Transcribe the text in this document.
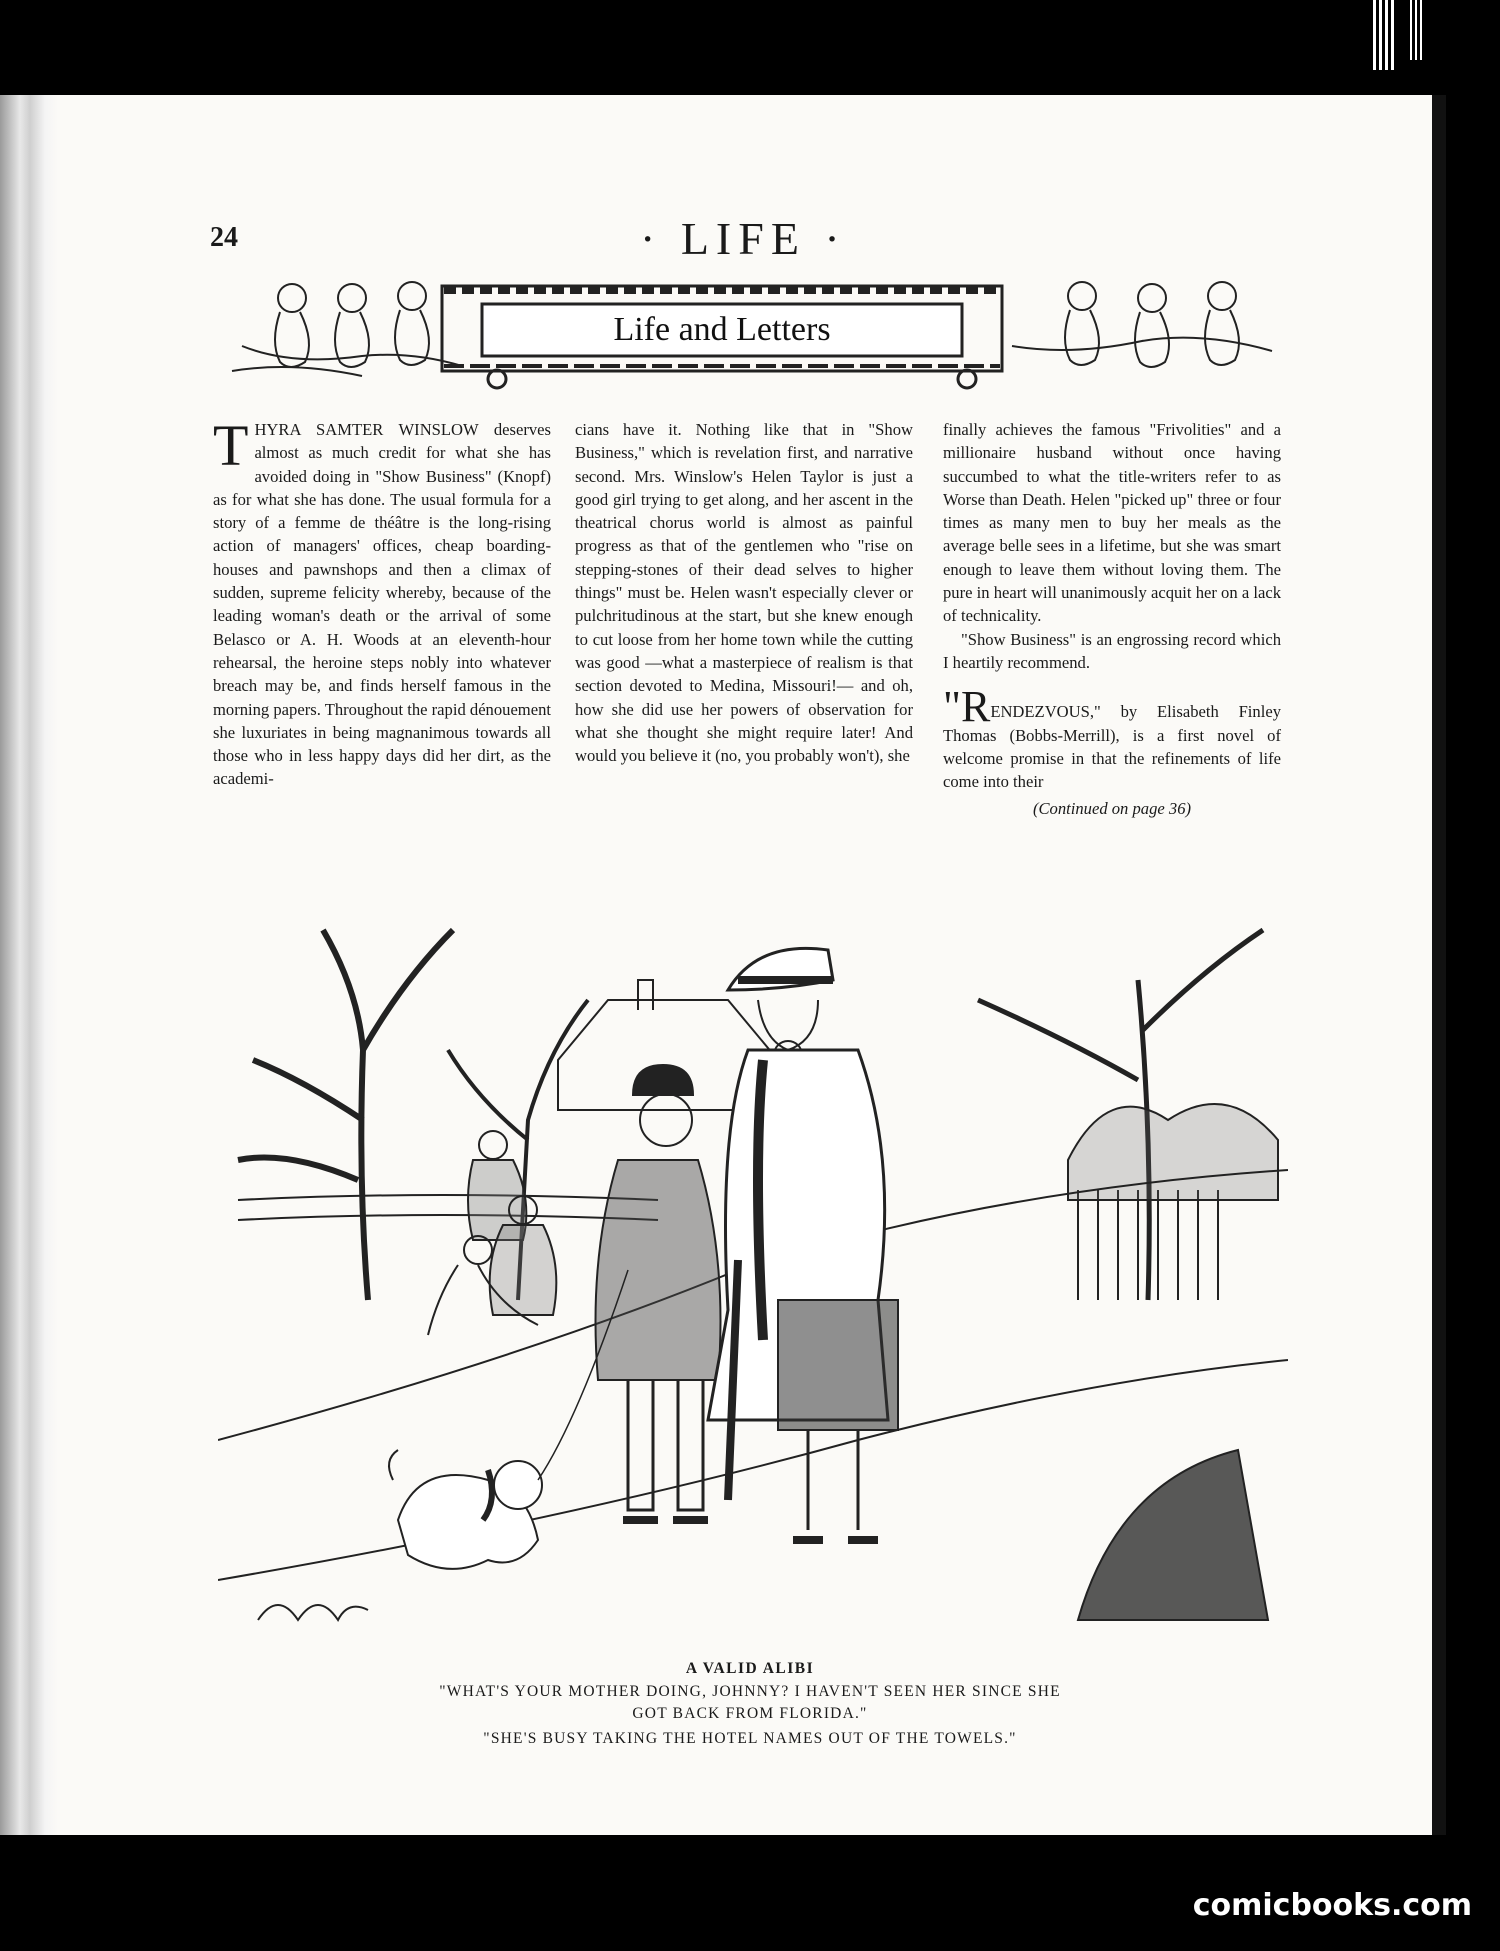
24	· LIFE ·
Life and Letters

THYRA SAMTER WINSLOW deserves almost as much credit for what she has avoided doing in "Show Business" (Knopf) as for what she has done. The usual formula for a story of a femme de théâtre is the long-rising action of managers' offices, cheap boarding-houses and pawnshops and then a climax of sudden, supreme felicity whereby, because of the leading woman's death or the arrival of some Belasco or A. H. Woods at an eleventh-hour rehearsal, the heroine steps nobly into whatever breach may be, and finds herself famous in the morning papers. Throughout the rapid dénouement she luxuriates in being magnanimous towards all those who in less happy days did her dirt, as the academi-

cians have it. Nothing like that in "Show Business," which is revelation first, and narrative second. Mrs. Winslow's Helen Taylor is just a good girl trying to get along, and her ascent in the theatrical chorus world is almost as painful progress as that of the gentlemen who "rise on stepping-stones of their dead selves to higher things" must be. Helen wasn't especially clever or pulchritudinous at the start, but she knew enough to cut loose from her home town while the cutting was good —what a masterpiece of realism is that section devoted to Medina, Missouri!— and oh, how she did use her powers of observation for what she thought she might require later! And would you believe it (no, you probably won't), she

finally achieves the famous "Frivolities" and a millionaire husband without once having succumbed to what the title-writers refer to as Worse than Death. Helen "picked up" three or four times as many men to buy her meals as the average belle sees in a lifetime, but she was smart enough to leave them without loving them. The pure in heart will unanimously acquit her on a lack of technicality.

"Show Business" is an engrossing record which I heartily recommend.

"RENDEZVOUS," by Elisabeth Finley Thomas (Bobbs-Merrill), is a first novel of welcome promise in that the refinements of life come into their

(Continued on page 36)

A VALID ALIBI
"WHAT'S YOUR MOTHER DOING, JOHNNY? I HAVEN'T SEEN HER SINCE SHE
GOT BACK FROM FLORIDA."
"SHE'S BUSY TAKING THE HOTEL NAMES OUT OF THE TOWELS."
comicbooks.com
